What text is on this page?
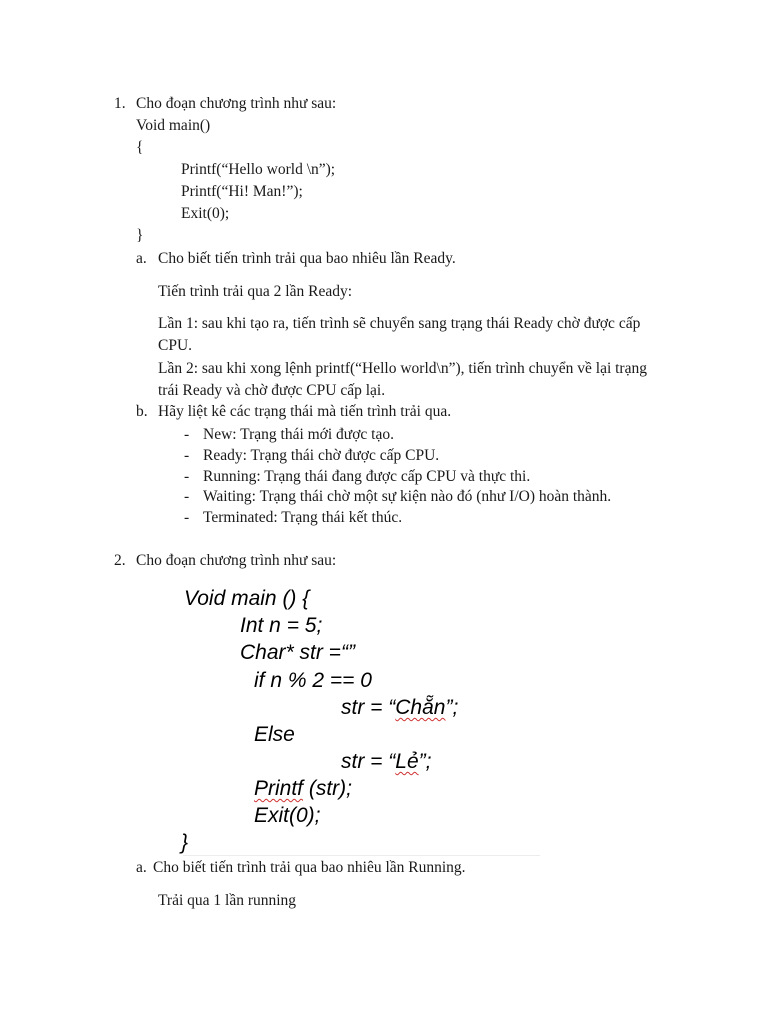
1. Cho đoạn chương trình như sau:
Void main()
{
Printf(“Hello world \n”);
Printf(“Hi! Man!”);
Exit(0);
}
a. Cho biết tiến trình trải qua bao nhiêu lần Ready.
Tiến trình trải qua 2 lần Ready:
Lần 1: sau khi tạo ra, tiến trình sẽ chuyển sang trạng thái Ready chờ được cấp
CPU.
Lần 2: sau khi xong lệnh printf(“Hello world\n”), tiến trình chuyển về lại trạng
trái Ready và chờ được CPU cấp lại.
b. Hãy liệt kê các trạng thái mà tiến trình trải qua.
- New: Trạng thái mới được tạo.
- Ready: Trạng thái chờ được cấp CPU.
- Running: Trạng thái đang được cấp CPU và thực thi.
- Waiting: Trạng thái chờ một sự kiện nào đó (như I/O) hoàn thành.
- Terminated: Trạng thái kết thúc.
2. Cho đoạn chương trình như sau:
Void main () {
Int n = 5;
Char* str =“”
if n % 2 == 0
str = “Chẵn”;
Else
str = “Lẻ”;
Printf (str);
Exit(0);
}
a. Cho biết tiến trình trải qua bao nhiêu lần Running.
Trải qua 1 lần running
